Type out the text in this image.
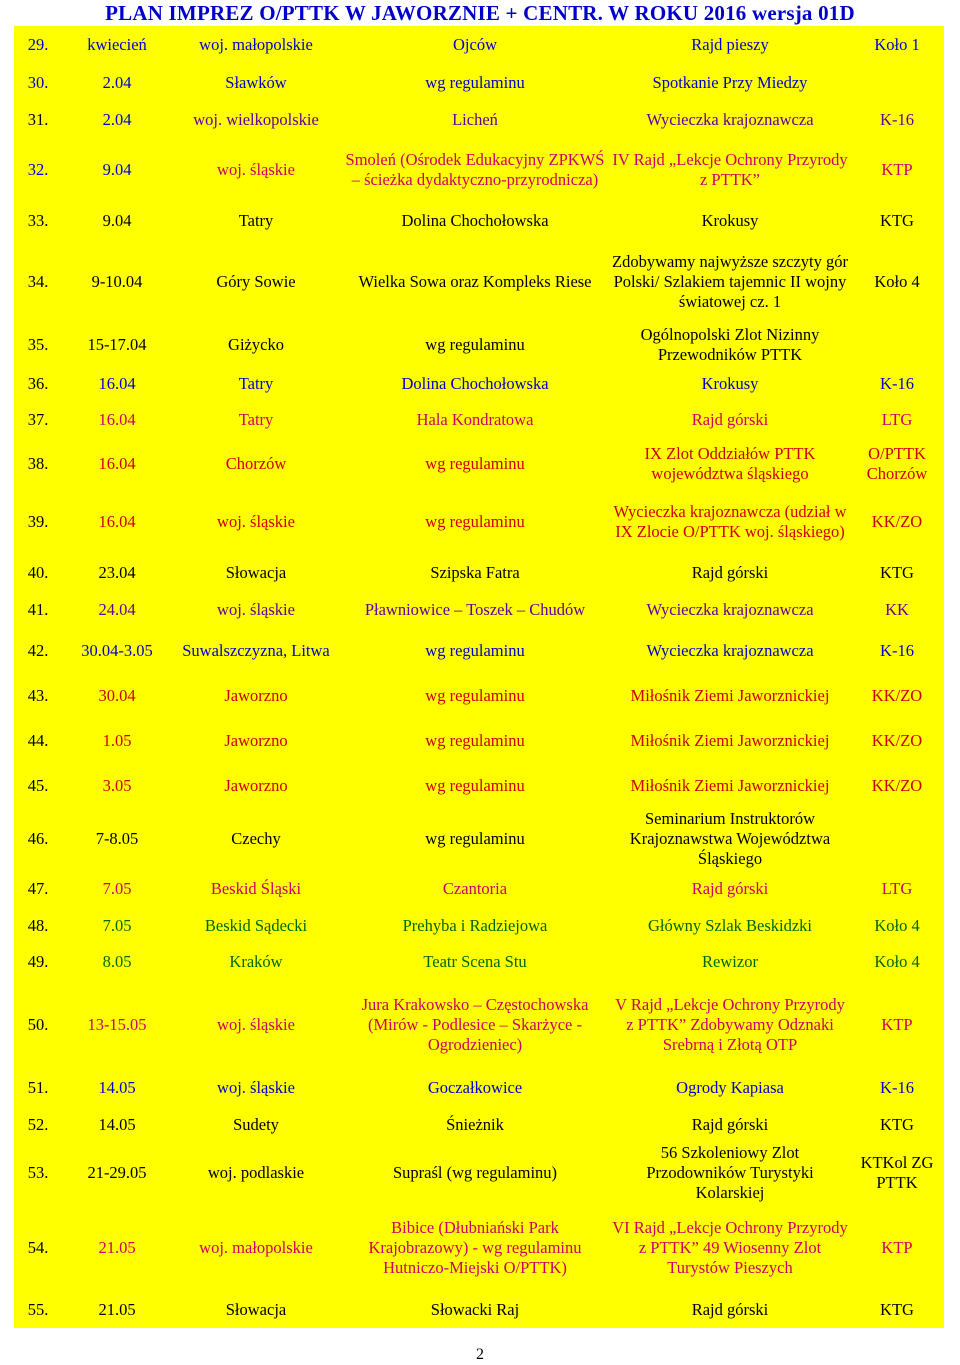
PLAN IMPREZ O/PTTK W JAWORZNIE + CENTR. W ROKU 2016 wersja 01D
29.	kwiecień	woj. małopolskie	Ojców	Rajd pieszy	Koło 1
30.	2.04	Sławków	wg regulaminu	Spotkanie Przy Miedzy	
31.	2.04	woj. wielkopolskie	Licheń	Wycieczka krajoznawcza	K-16
32.	9.04	woj. śląskie	Smoleń (Ośrodek Edukacyjny ZPKWŚ – ścieżka dydaktyczno-przyrodnicza)	IV Rajd „Lekcje Ochrony Przyrody z PTTK”	KTP
33.	9.04	Tatry	Dolina Chochołowska	Krokusy	KTG
34.	9-10.04	Góry Sowie	Wielka Sowa oraz Kompleks Riese	Zdobywamy najwyższe szczyty gór Polski/ Szlakiem tajemnic II wojny światowej cz. 1	Koło 4
35.	15-17.04	Giżycko	wg regulaminu	Ogólnopolski Zlot Nizinny Przewodników PTTK	
36.	16.04	Tatry	Dolina Chochołowska	Krokusy	K-16
37.	16.04	Tatry	Hala Kondratowa	Rajd górski	LTG
38.	16.04	Chorzów	wg regulaminu	IX Zlot Oddziałów PTTK województwa śląskiego	O/PTTK Chorzów
39.	16.04	woj. śląskie	wg regulaminu	Wycieczka krajoznawcza (udział w IX Zlocie O/PTTK woj. śląskiego)	KK/ZO
40.	23.04	Słowacja	Szipska Fatra	Rajd górski	KTG
41.	24.04	woj. śląskie	Pławniowice – Toszek – Chudów	Wycieczka krajoznawcza	KK
42.	30.04-3.05	Suwalszczyzna, Litwa	wg regulaminu	Wycieczka krajoznawcza	K-16
43.	30.04	Jaworzno	wg regulaminu	Miłośnik Ziemi Jaworznickiej	KK/ZO
44.	1.05	Jaworzno	wg regulaminu	Miłośnik Ziemi Jaworznickiej	KK/ZO
45.	3.05	Jaworzno	wg regulaminu	Miłośnik Ziemi Jaworznickiej	KK/ZO
46.	7-8.05	Czechy	wg regulaminu	Seminarium Instruktorów Krajoznawstwa Województwa Śląskiego	
47.	7.05	Beskid Śląski	Czantoria	Rajd górski	LTG
48.	7.05	Beskid Sądecki	Prehyba i Radziejowa	Główny Szlak Beskidzki	Koło 4
49.	8.05	Kraków	Teatr Scena Stu	Rewizor	Koło 4
50.	13-15.05	woj. śląskie	Jura Krakowsko – Częstochowska (Mirów - Podlesice – Skarżyce - Ogrodzieniec)	V Rajd „Lekcje Ochrony Przyrody z PTTK” Zdobywamy Odznaki Srebrną i Złotą OTP	KTP
51.	14.05	woj. śląskie	Goczałkowice	Ogrody Kapiasa	K-16
52.	14.05	Sudety	Śnieżnik	Rajd górski	KTG
53.	21-29.05	woj. podlaskie	Supraśl (wg regulaminu)	56 Szkoleniowy Zlot Przodowników Turystyki Kolarskiej	KTKol ZG PTTK
54.	21.05	woj. małopolskie	Bibice (Dłubniański Park Krajobrazowy) - wg regulaminu Hutniczo-Miejski O/PTTK)	VI Rajd „Lekcje Ochrony Przyrody z PTTK” 49 Wiosenny Zlot Turystów Pieszych	KTP
55.	21.05	Słowacja	Słowacki Raj	Rajd górski	KTG
2
